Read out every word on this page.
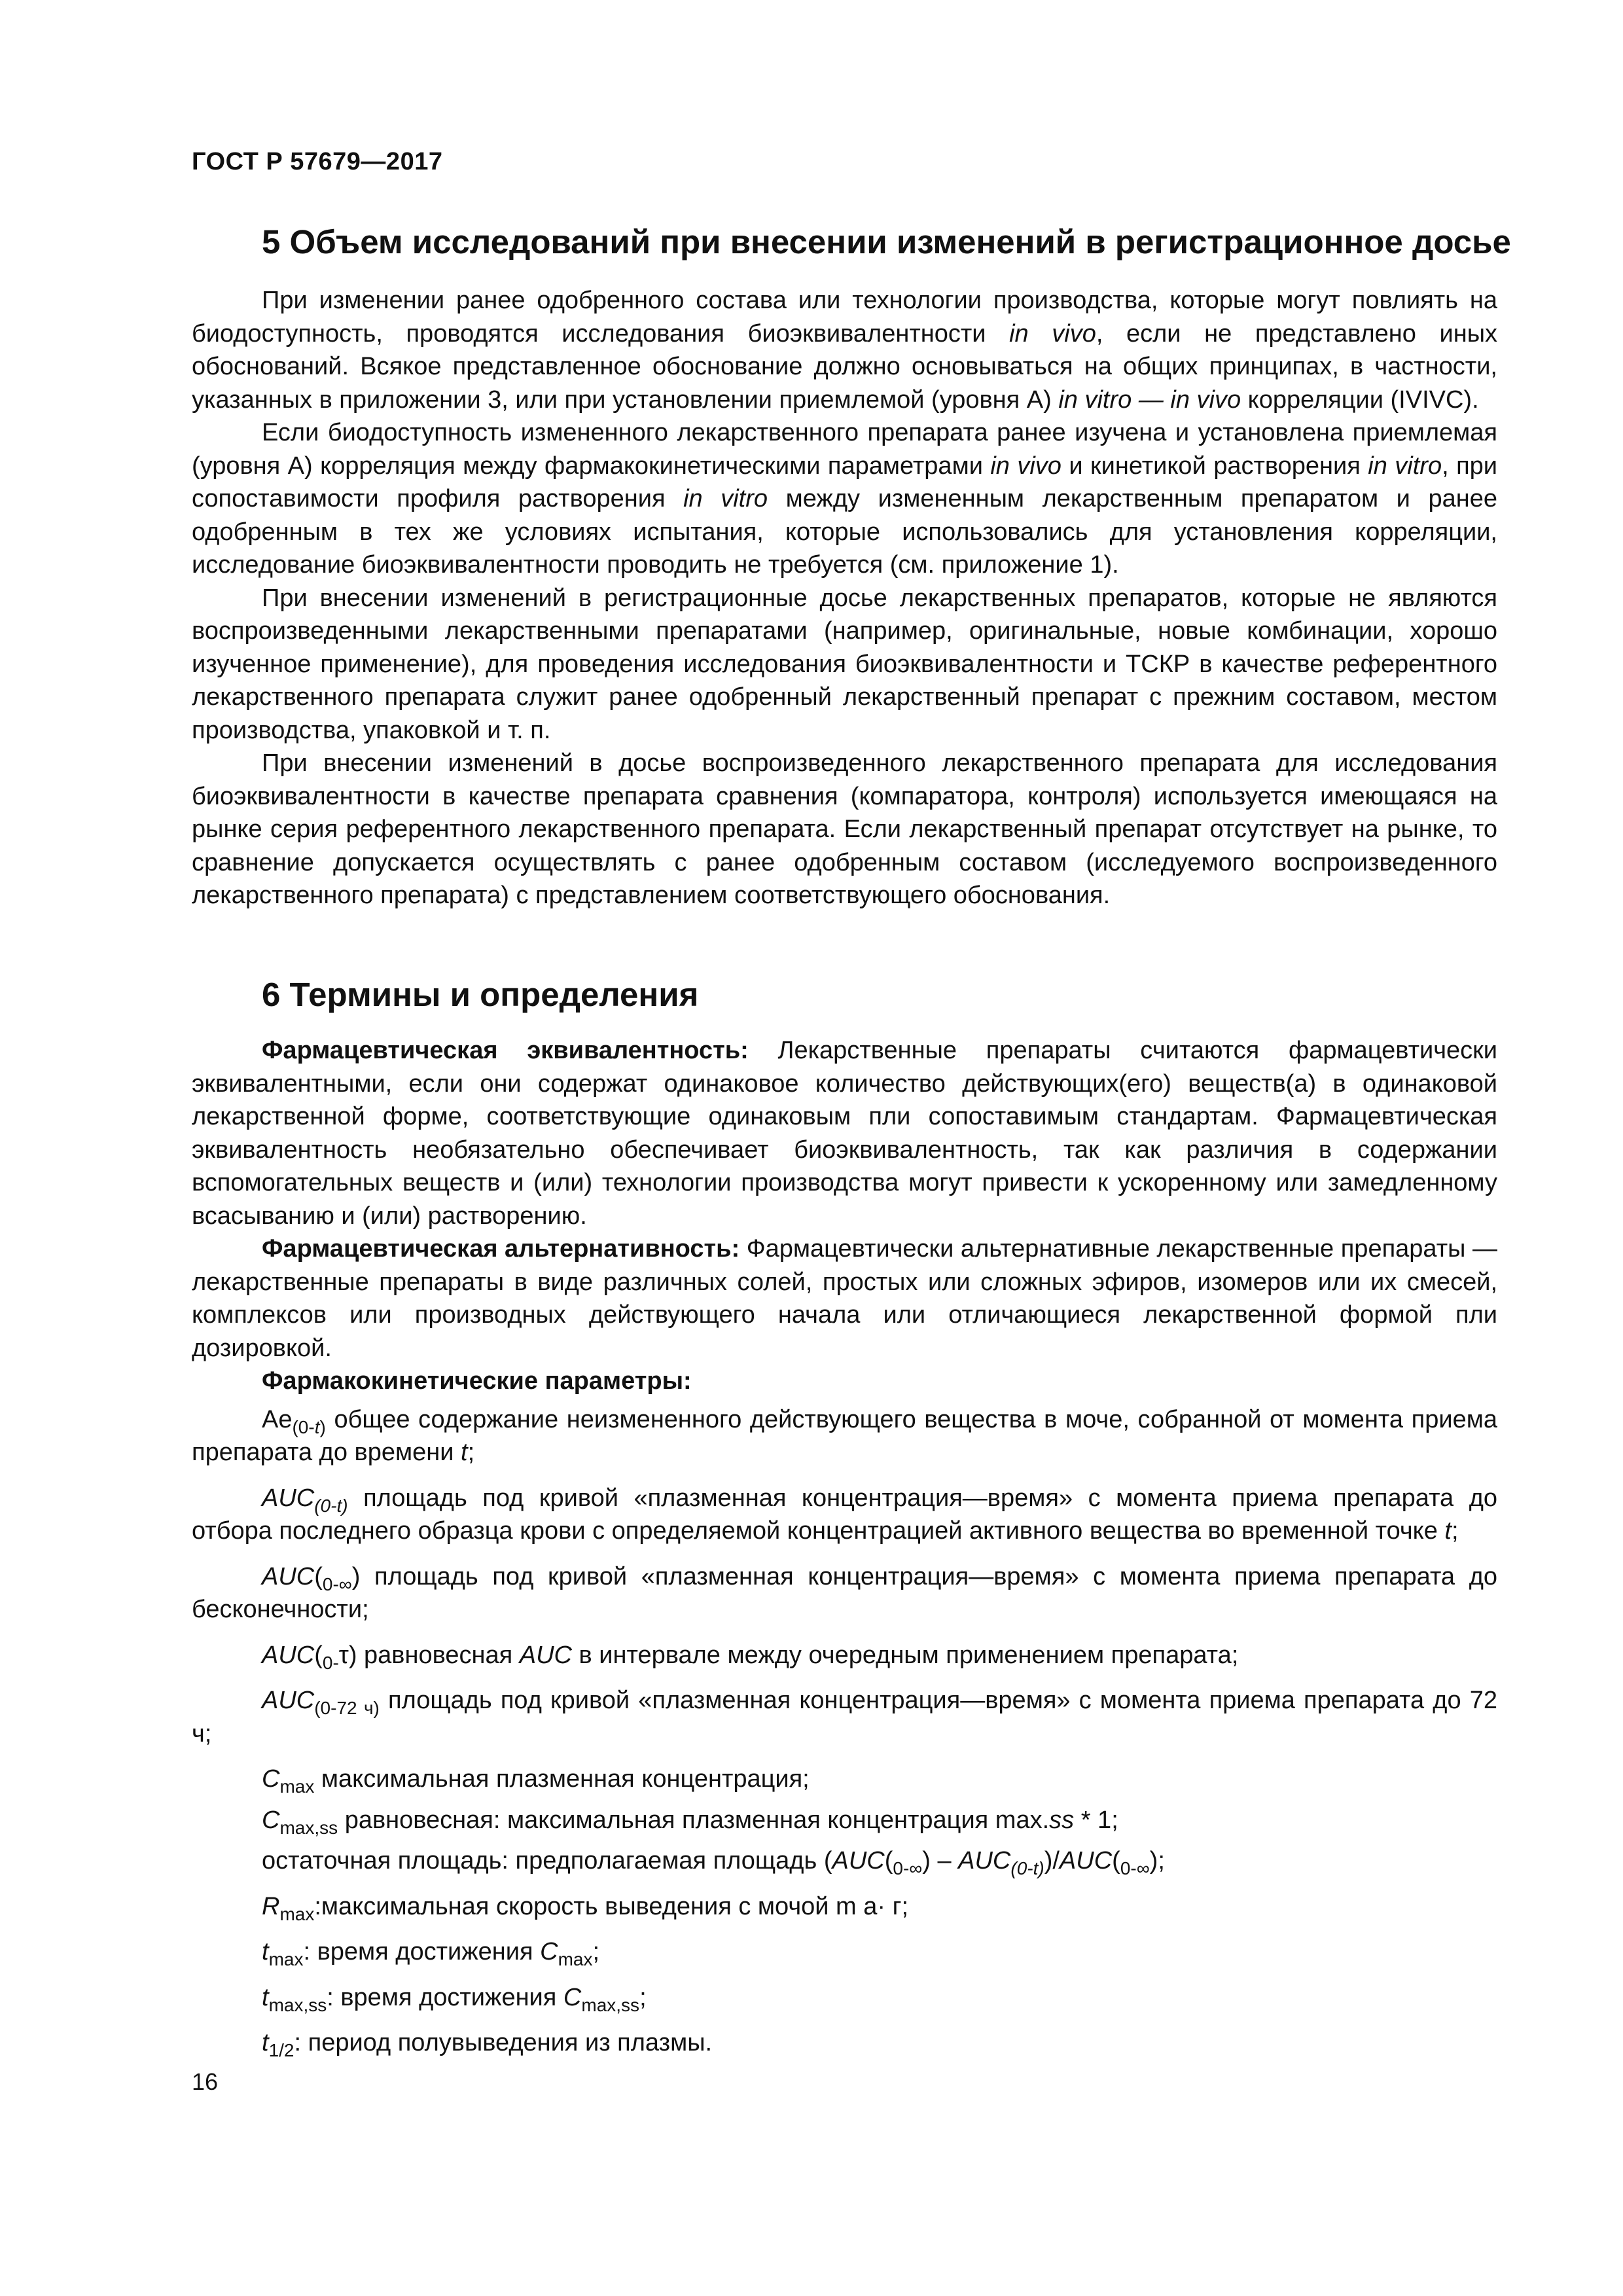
ГОСТ Р 57679—2017
5 Объем исследований при внесении изменений в регистрационное досье

При изменении ранее одобренного состава или технологии производства, которые могут повлиять на биодоступность, проводятся исследования биоэквивалентности in vivo, если не представлено иных обоснований. Всякое представленное обоснование должно основываться на общих принципах, в частности, указанных в приложении 3, или при установлении приемлемой (уровня А) in vitro — in vivo корреляции (IVIVC).

Если биодоступность измененного лекарственного препарата ранее изучена и установлена приемлемая (уровня А) корреляция между фармакокинетическими параметрами in vivo и кинетикой растворения in vitro, при сопоставимости профиля растворения in vitro между измененным лекарственным препаратом и ранее одобренным в тех же условиях испытания, которые использовались для установления корреляции, исследование биоэквивалентности проводить не требуется (см. приложение 1).

При внесении изменений в регистрационные досье лекарственных препаратов, которые не являются воспроизведенными лекарственными препаратами (например, оригинальные, новые комбинации, хорошо изученное применение), для проведения исследования биоэквивалентности и ТСКР в качестве референтного лекарственного препарата служит ранее одобренный лекарственный препарат с прежним составом, местом производства, упаковкой и т. п.

При внесении изменений в досье воспроизведенного лекарственного препарата для исследования биоэквивалентности в качестве препарата сравнения (компаратора, контроля) используется имеющаяся на рынке серия референтного лекарственного препарата. Если лекарственный препарат отсутствует на рынке, то сравнение допускается осуществлять с ранее одобренным составом (исследуемого воспроизведенного лекарственного препарата) с представлением соответствующего обоснования.

6 Термины и определения

Фармацевтическая эквивалентность: Лекарственные препараты считаются фармацевтически эквивалентными, если они содержат одинаковое количество действующих(его) веществ(а) в одинаковой лекарственной форме, соответствующие одинаковым пли сопоставимым стандартам. Фармацевтическая эквивалентность необязательно обеспечивает биоэквивалентность, так как различия в содержании вспомогательных веществ и (или) технологии производства могут привести к ускоренному или замедленному всасыванию и (или) растворению.

Фармацевтическая альтернативность: Фармацевтически альтернативные лекарственные препараты — лекарственные препараты в виде различных солей, простых или сложных эфиров, изомеров или их смесей, комплексов или производных действующего начала или отличающиеся лекарственной формой пли дозировкой.

Фармакокинетические параметры:

$Ae_{(0-t)}$ общее содержание неизмененного действующего вещества в моче, собранной от момента приема препарата до времени t;

$AUC_{(0-t)}$ площадь под кривой «плазменная концентрация—время» с момента приема препарата до отбора последнего образца крови с определяемой концентрацией активного вещества во временной точке t;

$AUC(_{0-\infty})$ площадь под кривой «плазменная концентрация—время» с момента приема препарата до бесконечности;

$AUC(_{0-}\tau)$ равновесная AUC в интервале между очередным применением препарата;

$AUC_{(0-72 ч)}$ площадь под кривой «плазменная концентрация—время» с момента приема препарата до 72 ч;

$C_{max}$ максимальная плазменная концентрация;

$C_{max,ss}$ равновесная: максимальная плазменная концентрация max.ss * 1;

остаточная площадь: предполагаемая площадь $(AUC(_{0-\infty}) - AUC_{(0-t)})/AUC(_{0-\infty})$;

$R_{max}:максимальная$ скорость выведения с мочой m а· г;

$t_{max}$: время достижения $C_{max}$;

$t_{max,ss}$: время достижения $C_{max,ss}$;

$t_{1/2}$: период полувыведения из плазмы.

16
